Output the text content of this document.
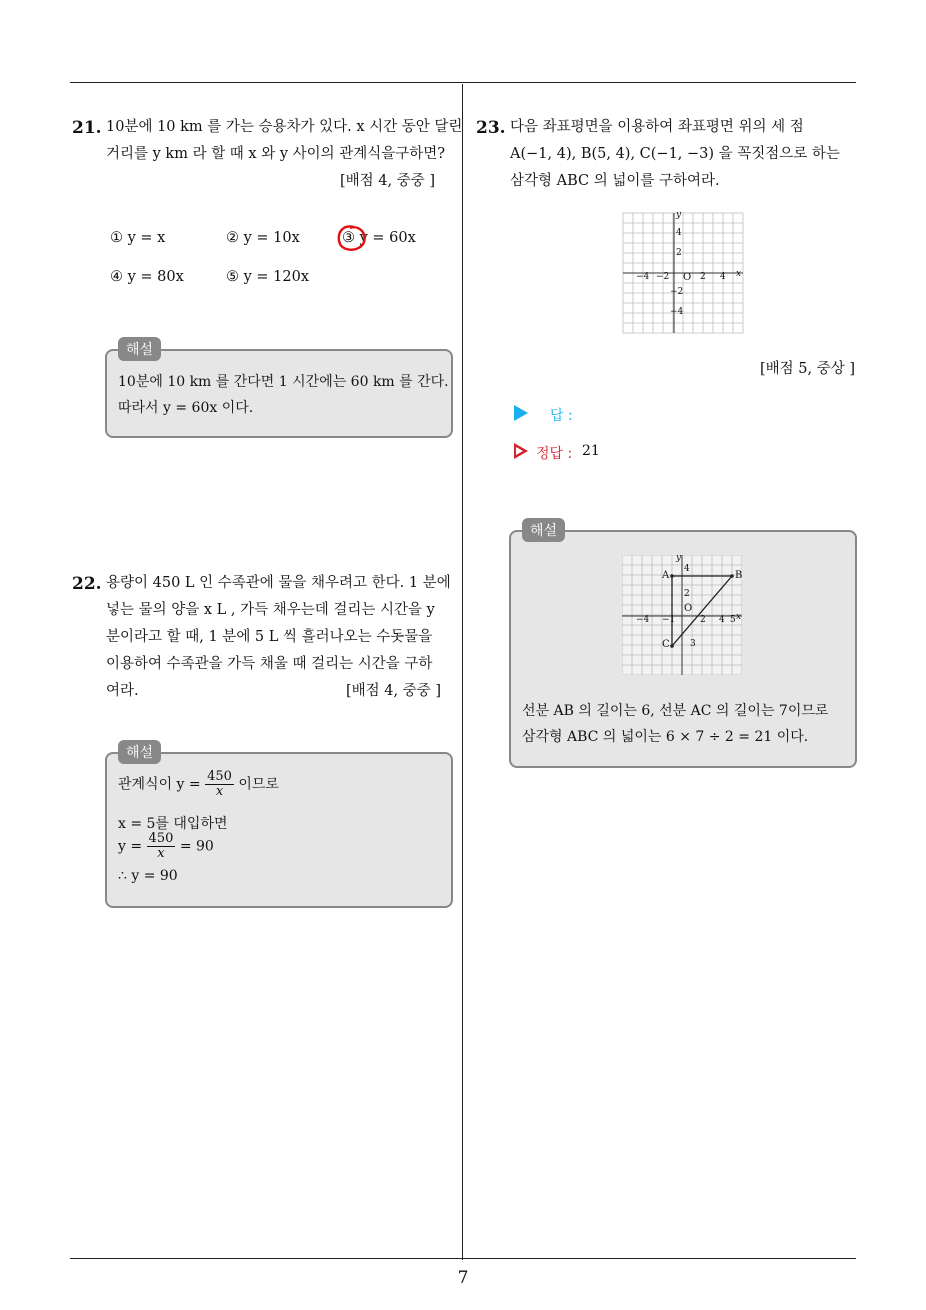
21. 10분에 10 km 를 가는 승용차가 있다. x 시간 동안 달린
거리를 y km 라 할 때 x 와 y 사이의 관계식을구하면?
[배점 4, 중중 ]
① y = x	② y = 10x	③ y = 60x
④ y = 80x	⑤ y = 120x
해설
10분에 10 km 를 간다면 1 시간에는 60 km 를 간다.
따라서 y = 60x 이다.
22. 용량이 450 L 인 수족관에 물을 채우려고 한다. 1 분에
넣는 물의 양을 x L , 가득 채우는데 걸리는 시간을 y
분이라고 할 때, 1 분에 5 L 씩 흘러나오는 수돗물을
이용하여 수족관을 가득 채울 때 걸리는 시간을 구하
여라.	[배점 4, 중중 ]
해설
관계식이 $y = \frac{450}{x}$ 이므로
x = 5를 대입하면
$y = \frac{450}{x} = 90$
∴ y = 90
23. 다음 좌표평면을 이용하여 좌표평면 위의 세 점
A(−1, 4), B(5, 4), C(−1, −3) 을 꼭짓점으로 하는
삼각형 ABC 의 넓이를 구하여라.
y
x
O
−4 −2	2 4
4
2
−2
−4
[배점 5, 중상 ]
답 :
정답 : 21
해설
y
x
O
A	B
C
4
2
−4 −1	2 4 5
3
선분 AB 의 길이는 6, 선분 AC 의 길이는 7이므로
삼각형 ABC 의 넓이는 6 × 7 ÷ 2 = 21 이다.
7
